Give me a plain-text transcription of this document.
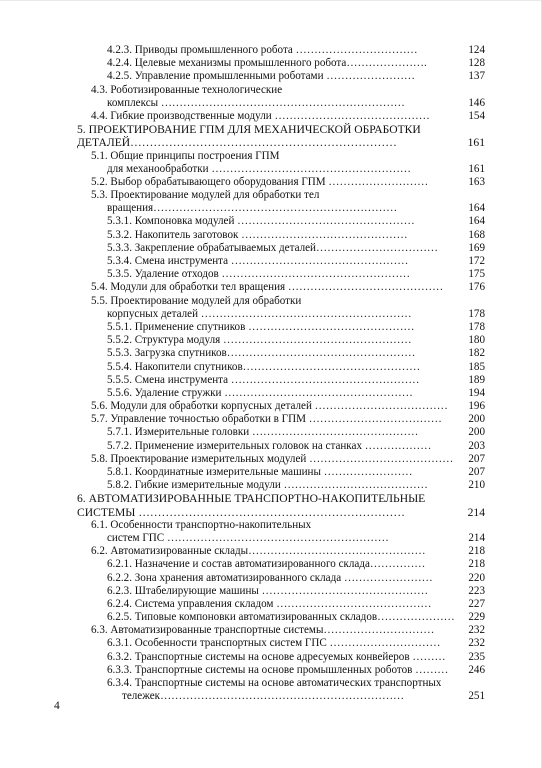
4.2.3. Приводы промышленного робота ……………………………	124
4.2.4. Целевые механизмы промышленного робота………………….	128
4.2.5. Управление промышленными роботами ……………………	137
4.3. Роботизированные технологические
комплексы …………………………………………………………	146
4.4. Гибкие производственные модули ……………………………………	154
5. ПРОЕКТИРОВАНИЕ ГПМ ДЛЯ МЕХАНИЧЕСКОЙ ОБРАБОТКИ
ДЕТАЛЕЙ……………………………………………………………	161
5.1. Общие принципы построения ГПМ
для механообработки ………………………………………………	161
5.2. Выбор обрабатывающего оборудования ГПМ ………………………	163
5.3. Проектирование модулей для обработки тел
вращения…………………………………………………………	164
5.3.1. Компоновка модулей …………………………………………	164
5.3.2. Накопитель заготовок ………………………………………	168
5.3.3. Закрепление обрабатываемых деталей……………………………	169
5.3.4. Смена инструмента …………………………………………	172
5.3.5. Удаление отходов ……………………………………………	175
5.4. Модули для обработки тел вращения …………………………………… 176
5.5. Проектирование модулей для обработки
корпусных деталей …………………………………………………	178
5.5.1. Применение спутников ………………………………………	178
5.5.2. Структура модуля ……………………………………………	180
5.5.3. Загрузка спутников……………………………………………	182
5.5.4. Накопители спутников…………………………………………	185
5.5.5. Смена инструмента ……………………………………………	189
5.5.6. Удаление стружки ……………………………………………	194
5.6. Модули для обработки корпусных деталей ……………………………… 196
5.7. Управление точностью обработки в ГПМ ……………………………… 200
5.7.1. Измерительные головки ………………………………………	200
5.7.2. Применение измерительных головок на станках ………………	203
5.8. Проектирование измерительных модулей ………………………………… 207
5.8.1. Координатные измерительные машины ……………………	207
5.8.2. Гибкие измерительные модули …………………………………	210
6. АВТОМАТИЗИРОВАННЫЕ ТРАНСПОРТНО-НАКОПИТЕЛЬНЫЕ
СИСТЕМЫ ……………………………………………………………	214
6.1. Особенности транспортно-накопительных
систем ГПС ……………………………………………………	214
6.2. Автоматизированные склады…………………………………………	218
6.2.1. Назначение и состав автоматизированного склада……………	218
6.2.2. Зона хранения автоматизированного склада ……………………	220
6.2.3. Штабелирующие машины ………………………………………	223
6.2.4. Система управления складом ……………………………………	227
6.2.5. Типовые компоновки автоматизированных складов………………… 229
6.3. Автоматизированные транспортные системы…………………………	232
6.3.1. Особенности транспортных систем ГПС …………………………	232
6.3.2. Транспортные системы на основе адресуемых конвейеров ……… 235
6.3.3. Транспортные системы на основе промышленных роботов ……… 246
6.3.4. Транспортные системы на основе автоматических транспортных
тележек…………………………………………………………	251
4
